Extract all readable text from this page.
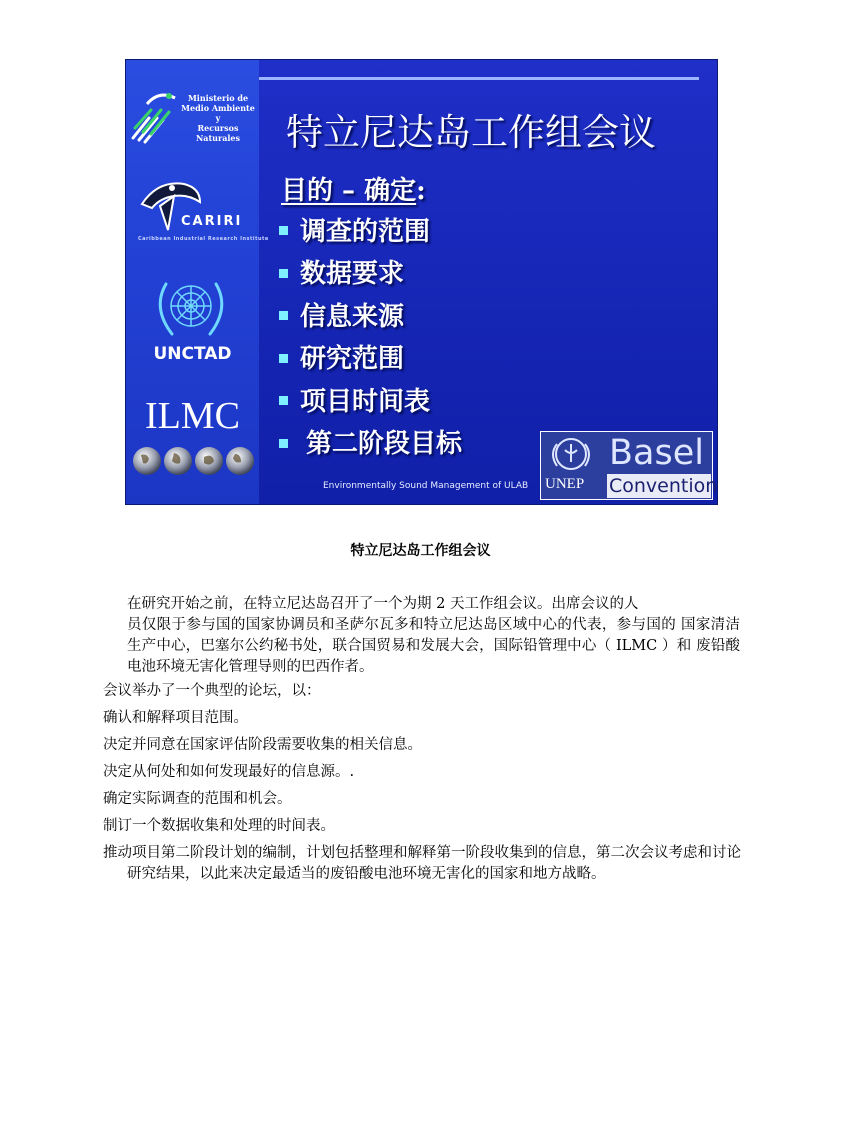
Ministerio de
Medio Ambiente y
Recursos Naturales
CARIRI
Caribbean Industrial Research Institute
UNCTAD
ILMC
特立尼达岛工作组会议
目的 – 确定:
调查的范围
数据要求
信息来源
研究范围
项目时间表
第二阶段目标
Environmentally Sound Management of ULAB
Basel
UNEP Convention
特立尼达岛工作组会议

在研究开始之前，在特立尼达岛召开了一个为期 2 天工作组会议。出席会议的人
员仅限于参与国的国家协调员和圣萨尔瓦多和特立尼达岛区域中心的代表，参与国的 国家清洁生产中心，巴塞尔公约秘书处，联合国贸易和发展大会，国际铅管理中心（ ILMC ）和 废铅酸电池环境无害化管理导则的巴西作者。

会议举办了一个典型的论坛，以：
确认和解释项目范围。
决定并同意在国家评估阶段需要收集的相关信息。
决定从何处和如何发现最好的信息源。.
确定实际调查的范围和机会。
制订一个数据收集和处理的时间表。
推动项目第二阶段计划的编制，计划包括整理和解释第一阶段收集到的信息，第二次会议考虑和讨论研究结果，以此来决定最适当的废铅酸电池环境无害化的国家和地方战略。
